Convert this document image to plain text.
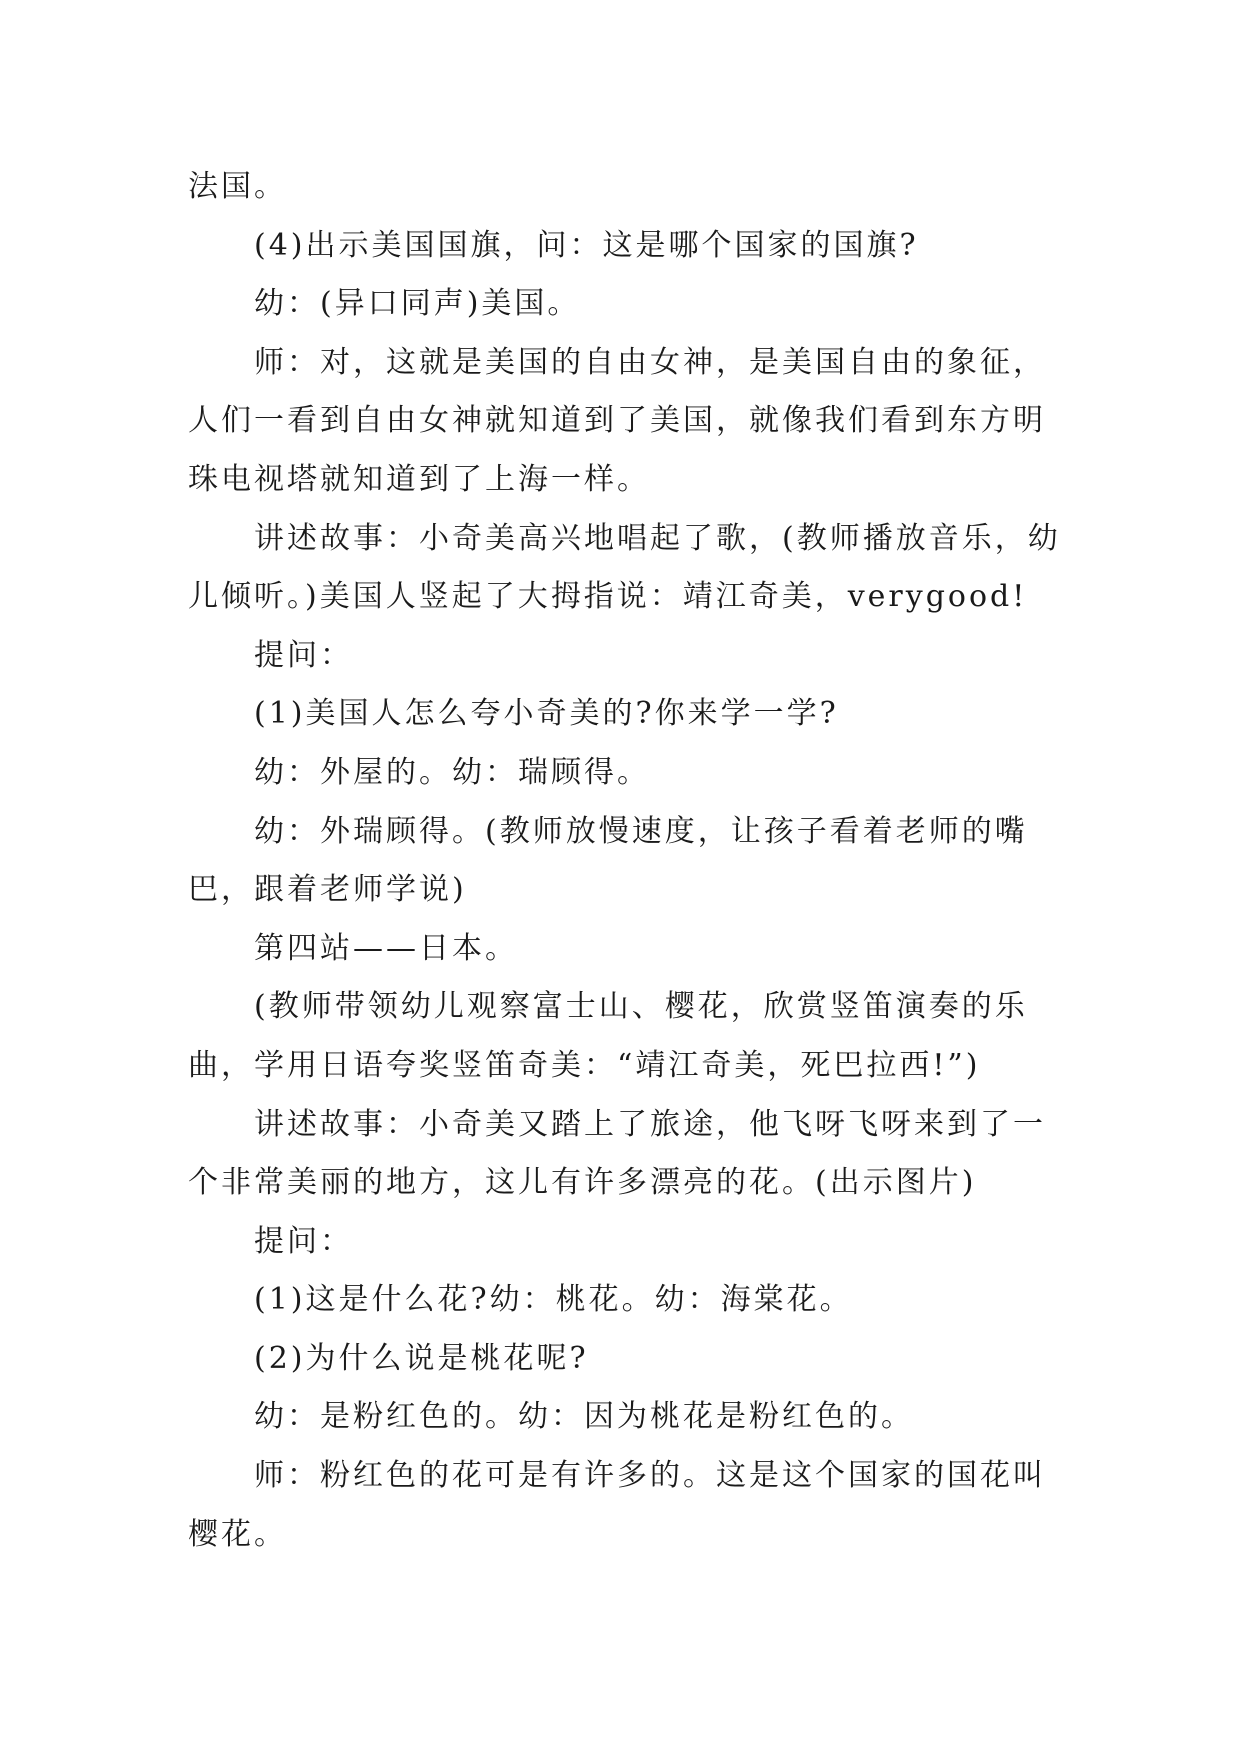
法国。

(4)出示美国国旗，问：这是哪个国家的国旗?

幼：(异口同声)美国。

师：对，这就是美国的自由女神，是美国自由的象征，人们一看到自由女神就知道到了美国，就像我们看到东方明珠电视塔就知道到了上海一样。

讲述故事：小奇美高兴地唱起了歌，(教师播放音乐，幼儿倾听。)美国人竖起了大拇指说：靖江奇美，verygood!

提问：

(1)美国人怎么夸小奇美的?你来学一学?

幼：外屋的。幼：瑞顾得。

幼：外瑞顾得。(教师放慢速度，让孩子看着老师的嘴巴，跟着老师学说)

第四站——日本。

(教师带领幼儿观察富士山、樱花，欣赏竖笛演奏的乐曲，学用日语夸奖竖笛奇美：“靖江奇美，死巴拉西!”)

讲述故事：小奇美又踏上了旅途，他飞呀飞呀来到了一个非常美丽的地方，这儿有许多漂亮的花。(出示图片)

提问：

(1)这是什么花?幼：桃花。幼：海棠花。

(2)为什么说是桃花呢?

幼：是粉红色的。幼：因为桃花是粉红色的。

师：粉红色的花可是有许多的。这是这个国家的国花叫樱花。
